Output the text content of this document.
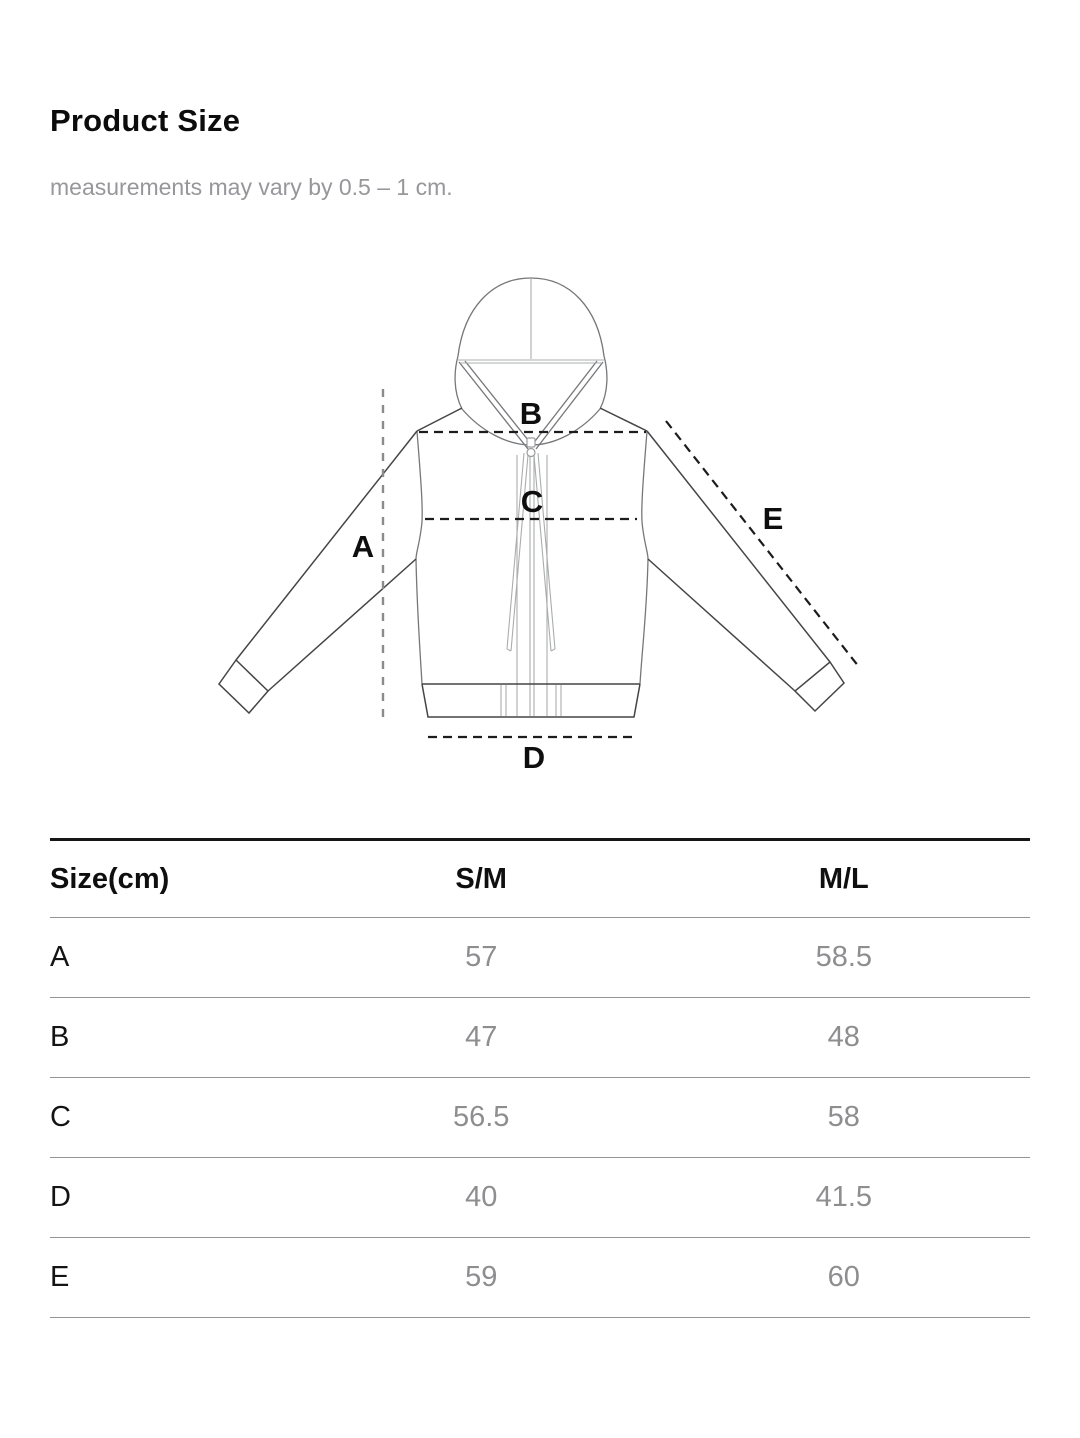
Product Size

measurements may vary by 0.5 – 1 cm.

A
B
C
D
E
Size(cm)	S/M	M/L
A	57	58.5
B	47	48
C	56.5	58
D	40	41.5
E	59	60
